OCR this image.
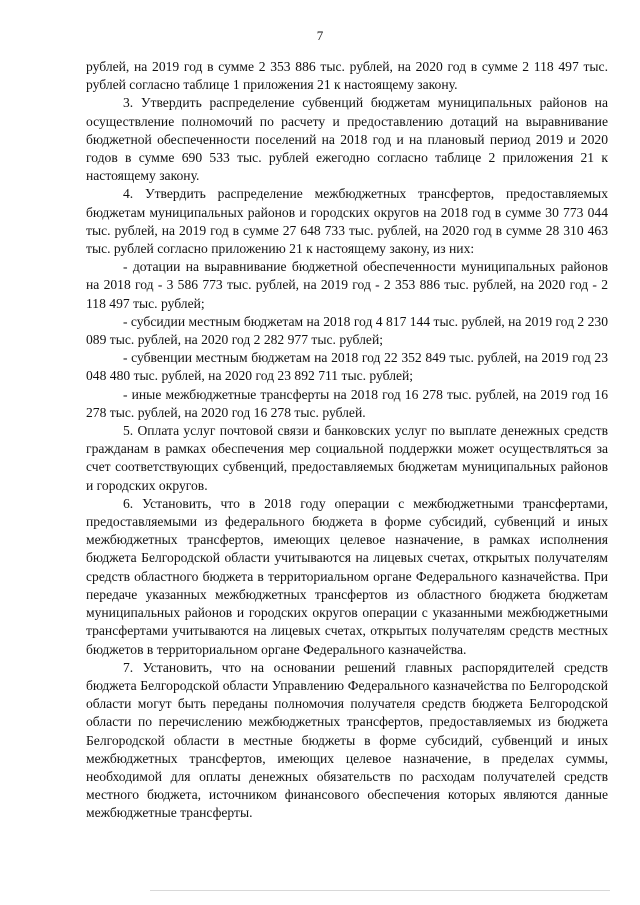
7

рублей, на 2019 год в сумме 2 353 886 тыс. рублей, на 2020 год в сумме 2 118 497 тыс. рублей согласно таблице 1 приложения 21 к настоящему закону.

3. Утвердить распределение субвенций бюджетам муниципальных районов на осуществление полномочий по расчету и предоставлению дотаций на выравнивание бюджетной обеспеченности поселений на 2018 год и на плановый период 2019 и 2020 годов в сумме 690 533 тыс. рублей ежегодно согласно таблице 2 приложения 21 к настоящему закону.

4. Утвердить распределение межбюджетных трансфертов, предоставляемых бюджетам муниципальных районов и городских округов на 2018 год в сумме 30 773 044 тыс. рублей, на 2019 год в сумме 27 648 733 тыс. рублей, на 2020 год в сумме 28 310 463 тыс. рублей согласно приложению 21 к настоящему закону, из них:

- дотации на выравнивание бюджетной обеспеченности муниципальных районов на 2018 год - 3 586 773 тыс. рублей, на 2019 год - 2 353 886 тыс. рублей, на 2020 год - 2 118 497 тыс. рублей;

- субсидии местным бюджетам на 2018 год 4 817 144 тыс. рублей, на 2019 год 2 230 089 тыс. рублей, на 2020 год 2 282 977 тыс. рублей;

- субвенции местным бюджетам на 2018 год 22 352 849 тыс. рублей, на 2019 год 23 048 480 тыс. рублей, на 2020 год 23 892 711 тыс. рублей;

- иные межбюджетные трансферты на 2018 год 16 278 тыс. рублей, на 2019 год 16 278 тыс. рублей, на 2020 год 16 278 тыс. рублей.

5. Оплата услуг почтовой связи и банковских услуг по выплате денежных средств гражданам в рамках обеспечения мер социальной поддержки может осуществляться за счет соответствующих субвенций, предоставляемых бюджетам муниципальных районов и городских округов.

6. Установить, что в 2018 году операции с межбюджетными трансфертами, предоставляемыми из федерального бюджета в форме субсидий, субвенций и иных межбюджетных трансфертов, имеющих целевое назначение, в рамках исполнения бюджета Белгородской области учитываются на лицевых счетах, открытых получателям средств областного бюджета в территориальном органе Федерального казначейства. При передаче указанных межбюджетных трансфертов из областного бюджета бюджетам муниципальных районов и городских округов операции с указанными межбюджетными трансфертами учитываются на лицевых счетах, открытых получателям средств местных бюджетов в территориальном органе Федерального казначейства.

7. Установить, что на основании решений главных распорядителей средств бюджета Белгородской области Управлению Федерального казначейства по Белгородской области могут быть переданы полномочия получателя средств бюджета Белгородской области по перечислению межбюджетных трансфертов, предоставляемых из бюджета Белгородской области в местные бюджеты в форме субсидий, субвенций и иных межбюджетных трансфертов, имеющих целевое назначение, в пределах суммы, необходимой для оплаты денежных обязательств по расходам получателей средств местного бюджета, источником финансового обеспечения которых являются данные межбюджетные трансферты.
